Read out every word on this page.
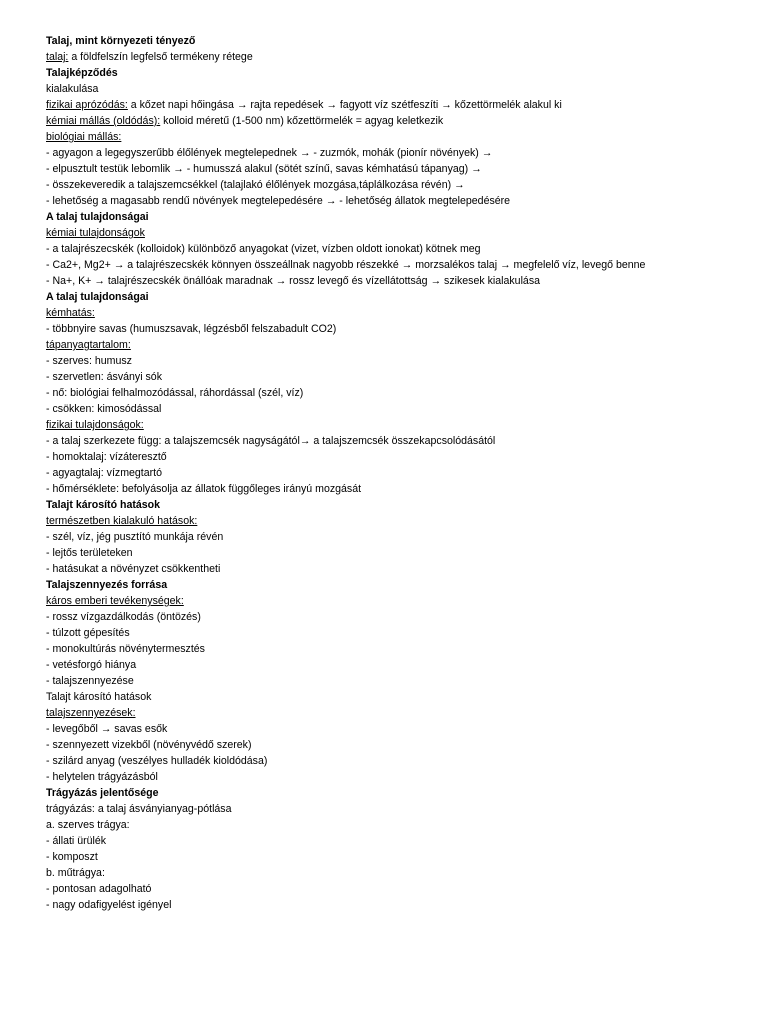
Talaj, mint környezeti tényező
talaj: a földfelszín legfelső termékeny rétege
Talajképződés
kialakulása
fizikai aprózódás: a kőzet napi hőingása → rajta repedések → fagyott víz szétfeszíti → kőzettörmelék alakul ki
kémiai mállás (oldódás): kolloid méretű (1-500 nm) kőzettörmelék = agyag keletkezik
biológiai mállás:
- agyagon a legegyszerűbb élőlények megtelepednek → - zuzmók, mohák (pionír növények) →
- elpusztult testük lebomlik → - humusszá alakul (sötét színű, savas kémhatású tápanyag) →
- összekeveredik a talajszemcsékkel (talajlakó élőlények mozgása,táplálkozása révén) →
- lehetőség a magasabb rendű növények megtelepedésére → - lehetőség állatok megtelepedésére
A talaj tulajdonságai
kémiai tulajdonságok
- a talajrészecskék (kolloidok) különböző anyagokat (vizet, vízben oldott ionokat) kötnek meg
- Ca2+, Mg2+ → a talajrészecskék könnyen összeállnak nagyobb részekké → morzsalékos talaj → megfelelő víz, levegő benne
- Na+, K+ → talajrészecskék önállóak maradnak → rossz levegő és vízellátottság → szikesek kialakulása
A talaj tulajdonságai
kémhatás:
- többnyire savas (humuszsavak, légzésből felszabadult CO2)
tápanyagtartalom:
- szerves: humusz
- szervetlen: ásványi sók
- nő: biológiai felhalmozódással, ráhordással (szél, víz)
- csökken: kimosódással
fizikai tulajdonságok:
- a talaj szerkezete függ: a talajszemcsék nagyságától→ a talajszemcsék összekapcsolódásától
- homoktalaj: vízáteresztő
- agyagtalaj: vízmegtartó
- hőmérséklete: befolyásolja az állatok függőleges irányú mozgását
Talajt károsító hatások
természetben kialakuló hatások:
- szél, víz, jég pusztító munkája révén
- lejtős területeken
- hatásukat a növényzet csökkentheti
Talajszennyezés forrása
káros emberi tevékenységek:
- rossz vízgazdálkodás (öntözés)
- túlzott gépesítés
- monokultúrás növénytermesztés
- vetésforgó hiánya
- talajszennyezése
Talajt károsító hatások
talajszennyezések:
- levegőből → savas esők
- szennyezett vizekből (növényvédő szerek)
- szilárd anyag (veszélyes hulladék kioldódása)
- helytelen trágyázásból
Trágyázás jelentősége
trágyázás: a talaj ásványianyag-pótlása
a. szerves trágya:
- állati ürülék
- komposzt
b. műtrágya:
- pontosan adagolható
- nagy odafigyelést igényel
